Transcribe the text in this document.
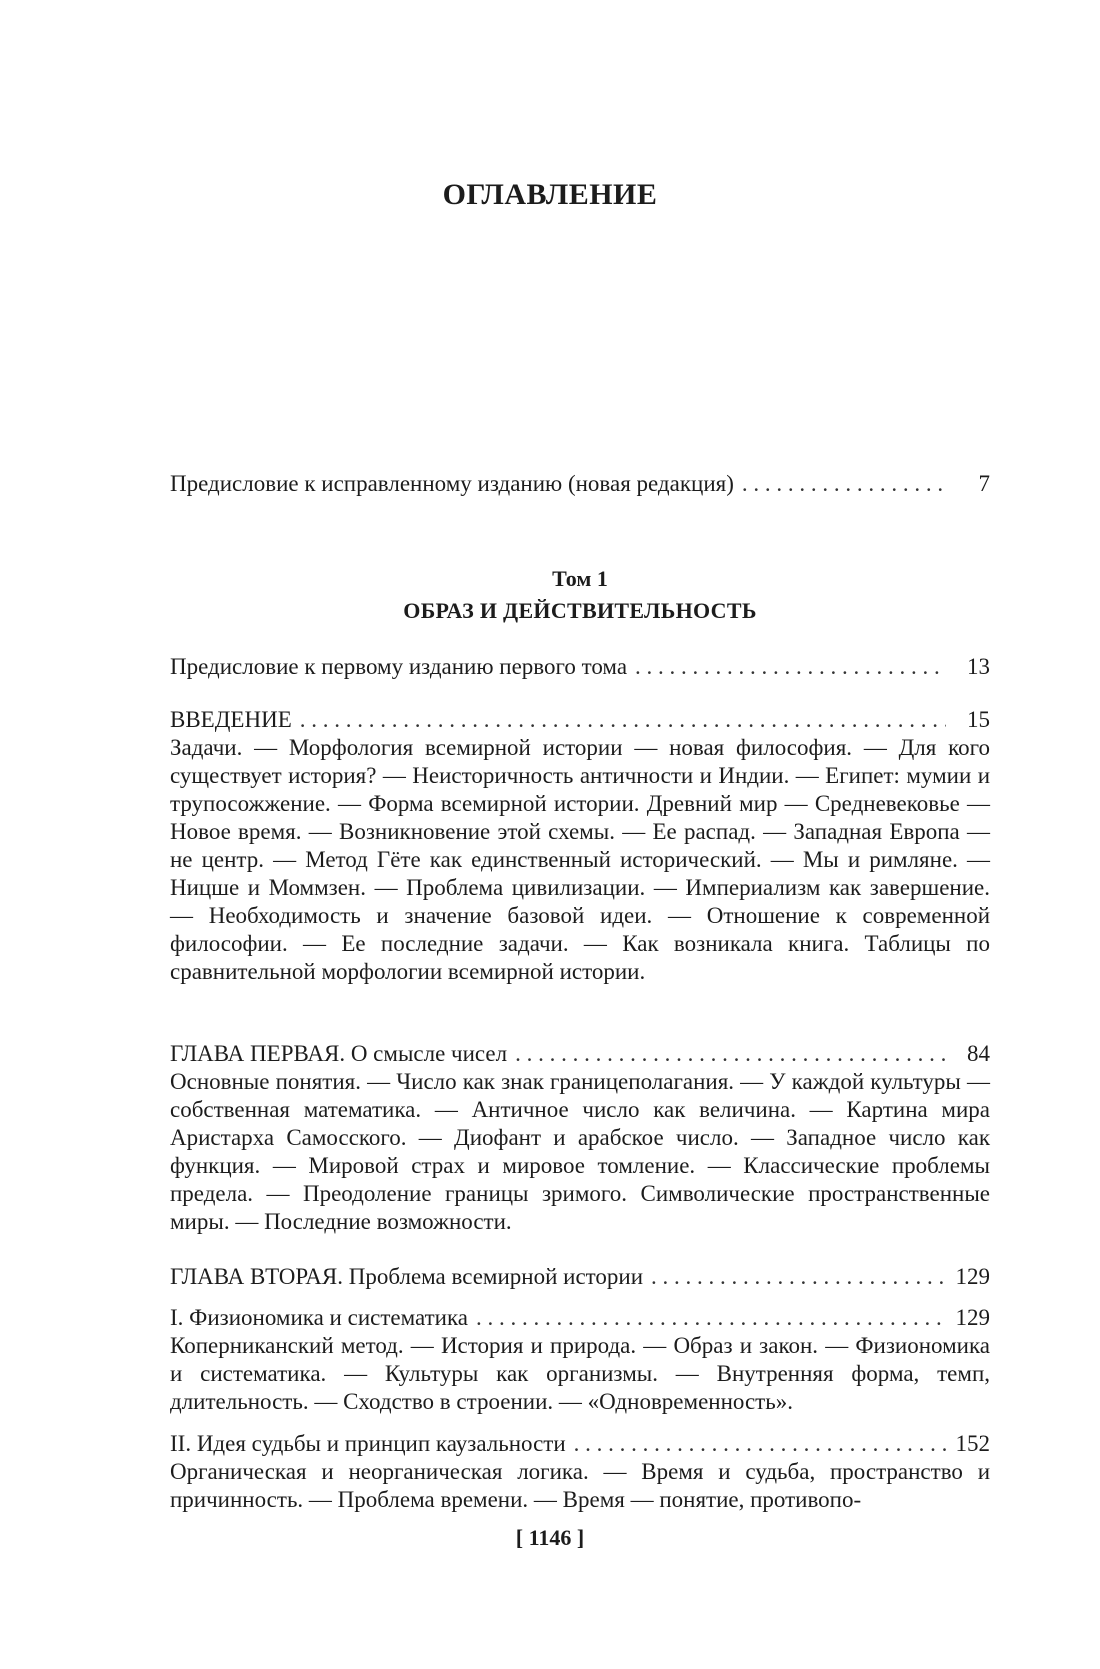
ОГЛАВЛЕНИЕ
Предисловие к исправленному изданию (новая редакция) . . .	7
Том 1
ОБРАЗ И ДЕЙСТВИТЕЛЬНОСТЬ
Предисловие к первому изданию первого тома . . .	13
ВВЕДЕНИЕ . . .	15
Задачи. — Морфология всемирной истории — новая философия. — Для кого существует история? — Неисторичность античности и Индии. — Египет: мумии и трупосожжение. — Форма всемирной истории. Древний мир — Средневековье — Новое время. — Возникновение этой схемы. — Ее распад. — Западная Европа — не центр. — Метод Гёте как единственный исторический. — Мы и римляне. — Ницше и Моммзен. — Проблема цивилизации. — Империализм как завершение. — Необходимость и значение базовой идеи. — Отношение к современной философии. — Ее последние задачи. — Как возникала книга. Таблицы по сравнительной морфологии всемирной истории.
ГЛАВА ПЕРВАЯ. О смысле чисел . . .	84
Основные понятия. — Число как знак границеполагания. — У каждой культуры — собственная математика. — Античное число как величина. — Картина мира Аристарха Самосского. — Диофант и арабское число. — Западное число как функция. — Мировой страх и мировое томление. — Классические проблемы предела. — Преодоление границы зримого. Символические пространственные миры. — Последние возможности.
ГЛАВА ВТОРАЯ. Проблема всемирной истории . . .	129
I. Физиономика и систематика . . .	129
Коперниканский метод. — История и природа. — Образ и закон. — Физиономика и систематика. — Культуры как организмы. — Внутренняя форма, темп, длительность. — Сходство в строении. — «Одновременность».
II. Идея судьбы и принцип каузальности . . .	152
Органическая и неорганическая логика. — Время и судьба, пространство и причинность. — Проблема времени. — Время — понятие, противопо-
[ 1146 ]
